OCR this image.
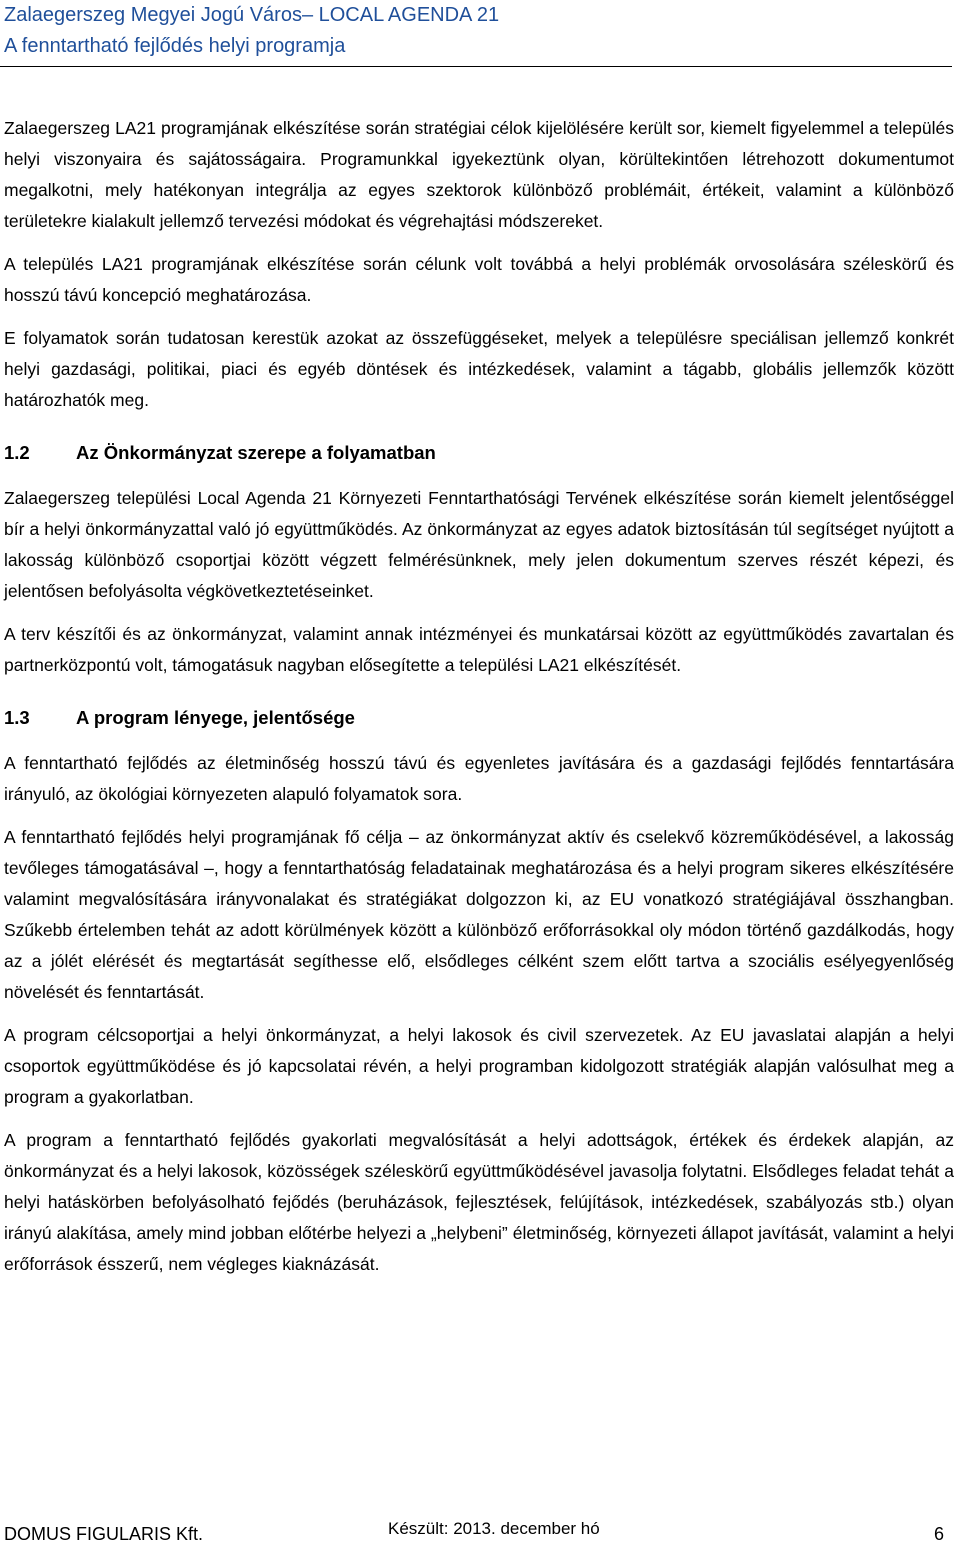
Zalaegerszeg Megyei Jogú Város– LOCAL AGENDA 21
A fenntartható fejlődés helyi programja

Zalaegerszeg LA21 programjának elkészítése során stratégiai célok kijelölésére került sor, kiemelt figyelemmel a település helyi viszonyaira és sajátosságaira. Programunkkal igyekeztünk olyan, körültekintően létrehozott dokumentumot megalkotni, mely hatékonyan integrálja az egyes szektorok különböző problémáit, értékeit, valamint a különböző területekre kialakult jellemző tervezési módokat és végrehajtási módszereket.

A település LA21 programjának elkészítése során célunk volt továbbá a helyi problémák orvosolására széleskörű és hosszú távú koncepció meghatározása.

E folyamatok során tudatosan kerestük azokat az összefüggéseket, melyek a településre speciálisan jellemző konkrét helyi gazdasági, politikai, piaci és egyéb döntések és intézkedések, valamint a tágabb, globális jellemzők között határozhatók meg.

1.2	Az Önkormányzat szerepe a folyamatban

Zalaegerszeg települési Local Agenda 21 Környezeti Fenntarthatósági Tervének elkészítése során kiemelt jelentőséggel bír a helyi önkormányzattal való jó együttműködés. Az önkormányzat az egyes adatok biztosításán túl segítséget nyújtott a lakosság különböző csoportjai között végzett felmérésünknek, mely jelen dokumentum szerves részét képezi, és jelentősen befolyásolta végkövetkeztetéseinket.

A terv készítői és az önkormányzat, valamint annak intézményei és munkatársai között az együttműködés zavartalan és partnerközpontú volt, támogatásuk nagyban elősegítette a települési LA21 elkészítését.

1.3	A program lényege, jelentősége

A fenntartható fejlődés az életminőség hosszú távú és egyenletes javítására és a gazdasági fejlődés fenntartására irányuló, az ökológiai környezeten alapuló folyamatok sora.

A fenntartható fejlődés helyi programjának fő célja – az önkormányzat aktív és cselekvő közreműködésével, a lakosság tevőleges támogatásával –, hogy a fenntarthatóság feladatainak meghatározása és a helyi program sikeres elkészítésére valamint megvalósítására irányvonalakat és stratégiákat dolgozzon ki, az EU vonatkozó stratégiájával összhangban. Szűkebb értelemben tehát az adott körülmények között a különböző erőforrásokkal oly módon történő gazdálkodás, hogy az a jólét elérését és megtartását segíthesse elő, elsődleges célként szem előtt tartva a szociális esélyegyenlőség növelését és fenntartását.

A program célcsoportjai a helyi önkormányzat, a helyi lakosok és civil szervezetek. Az EU javaslatai alapján a helyi csoportok együttműködése és jó kapcsolatai révén, a helyi programban kidolgozott stratégiák alapján valósulhat meg a program a gyakorlatban.

A program a fenntartható fejlődés gyakorlati megvalósítását a helyi adottságok, értékek és érdekek alapján, az önkormányzat és a helyi lakosok, közösségek széleskörű együttműködésével javasolja folytatni. Elsődleges feladat tehát a helyi hatáskörben befolyásolható fejődés (beruházások, fejlesztések, felújítások, intézkedések, szabályozás stb.) olyan irányú alakítása, amely mind jobban előtérbe helyezi a „helybeni” életminőség, környezeti állapot javítását, valamint a helyi erőforrások ésszerű, nem végleges kiaknázását.

DOMUS FIGULARIS Kft.	Készült: 2013. december hó	6
